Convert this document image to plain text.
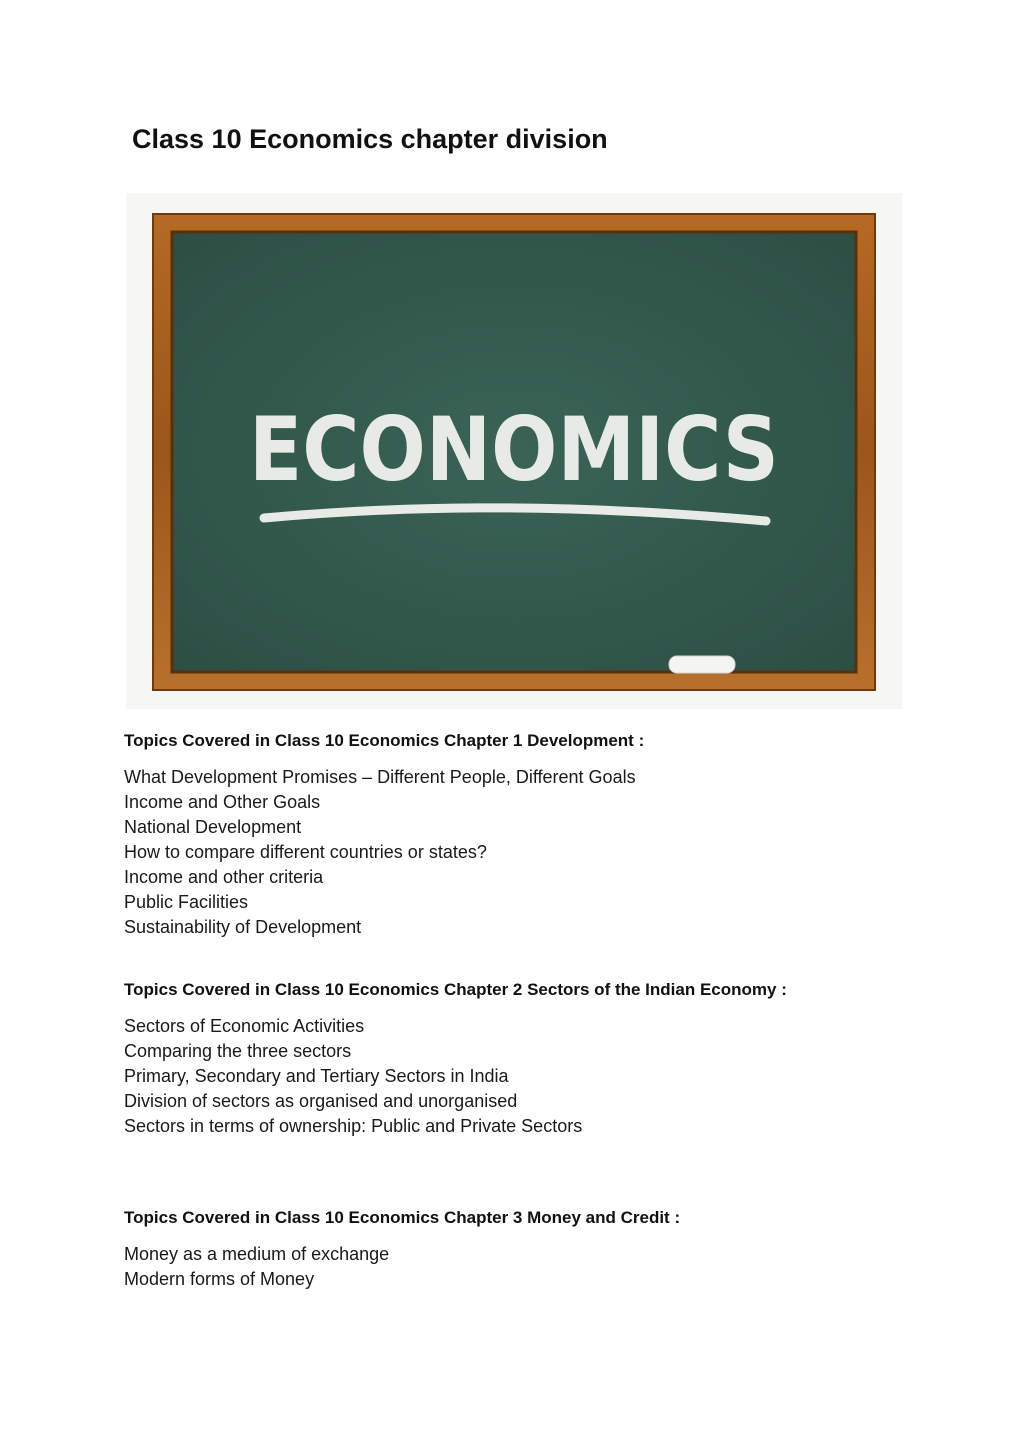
Class 10 Economics chapter division
ECONOMICS
Topics Covered in Class 10 Economics Chapter 1 Development :
What Development Promises – Different People, Different Goals
Income and Other Goals
National Development
How to compare different countries or states?
Income and other criteria
Public Facilities
Sustainability of Development
Topics Covered in Class 10 Economics Chapter 2 Sectors of the Indian Economy :
Sectors of Economic Activities
Comparing the three sectors
Primary, Secondary and Tertiary Sectors in India
Division of sectors as organised and unorganised
Sectors in terms of ownership: Public and Private Sectors
Topics Covered in Class 10 Economics Chapter 3 Money and Credit :
Money as a medium of exchange
Modern forms of Money
